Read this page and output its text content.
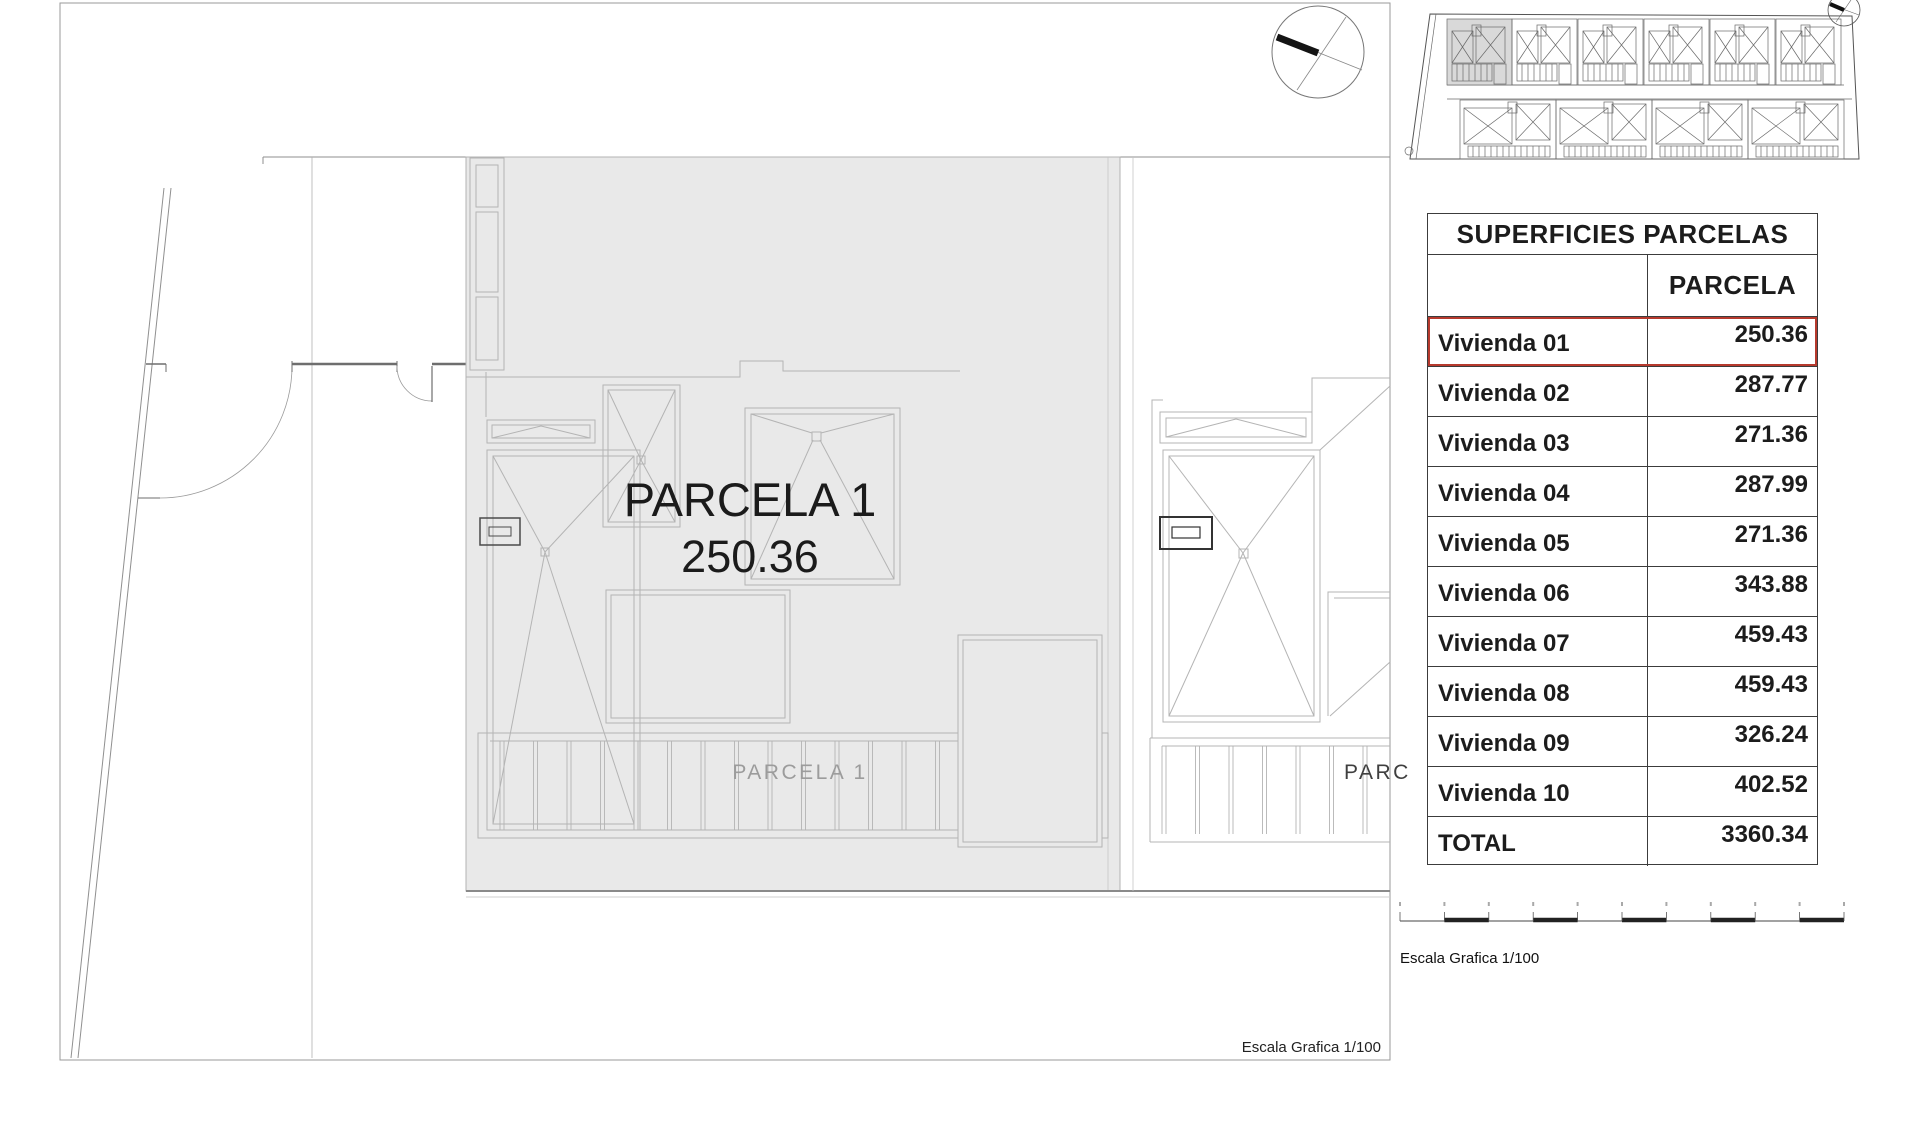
PARCELA 1
PARCELA 1
250.36
PARC
Escala Grafica 1/100
Escala Grafica 1/100
SUPERFICIES PARCELAS
PARCELA
Vivienda 01	250.36
Vivienda 02	287.77
Vivienda 03	271.36
Vivienda 04	287.99
Vivienda 05	271.36
Vivienda 06	343.88
Vivienda 07	459.43
Vivienda 08	459.43
Vivienda 09	326.24
Vivienda 10	402.52
TOTAL	3360.34
